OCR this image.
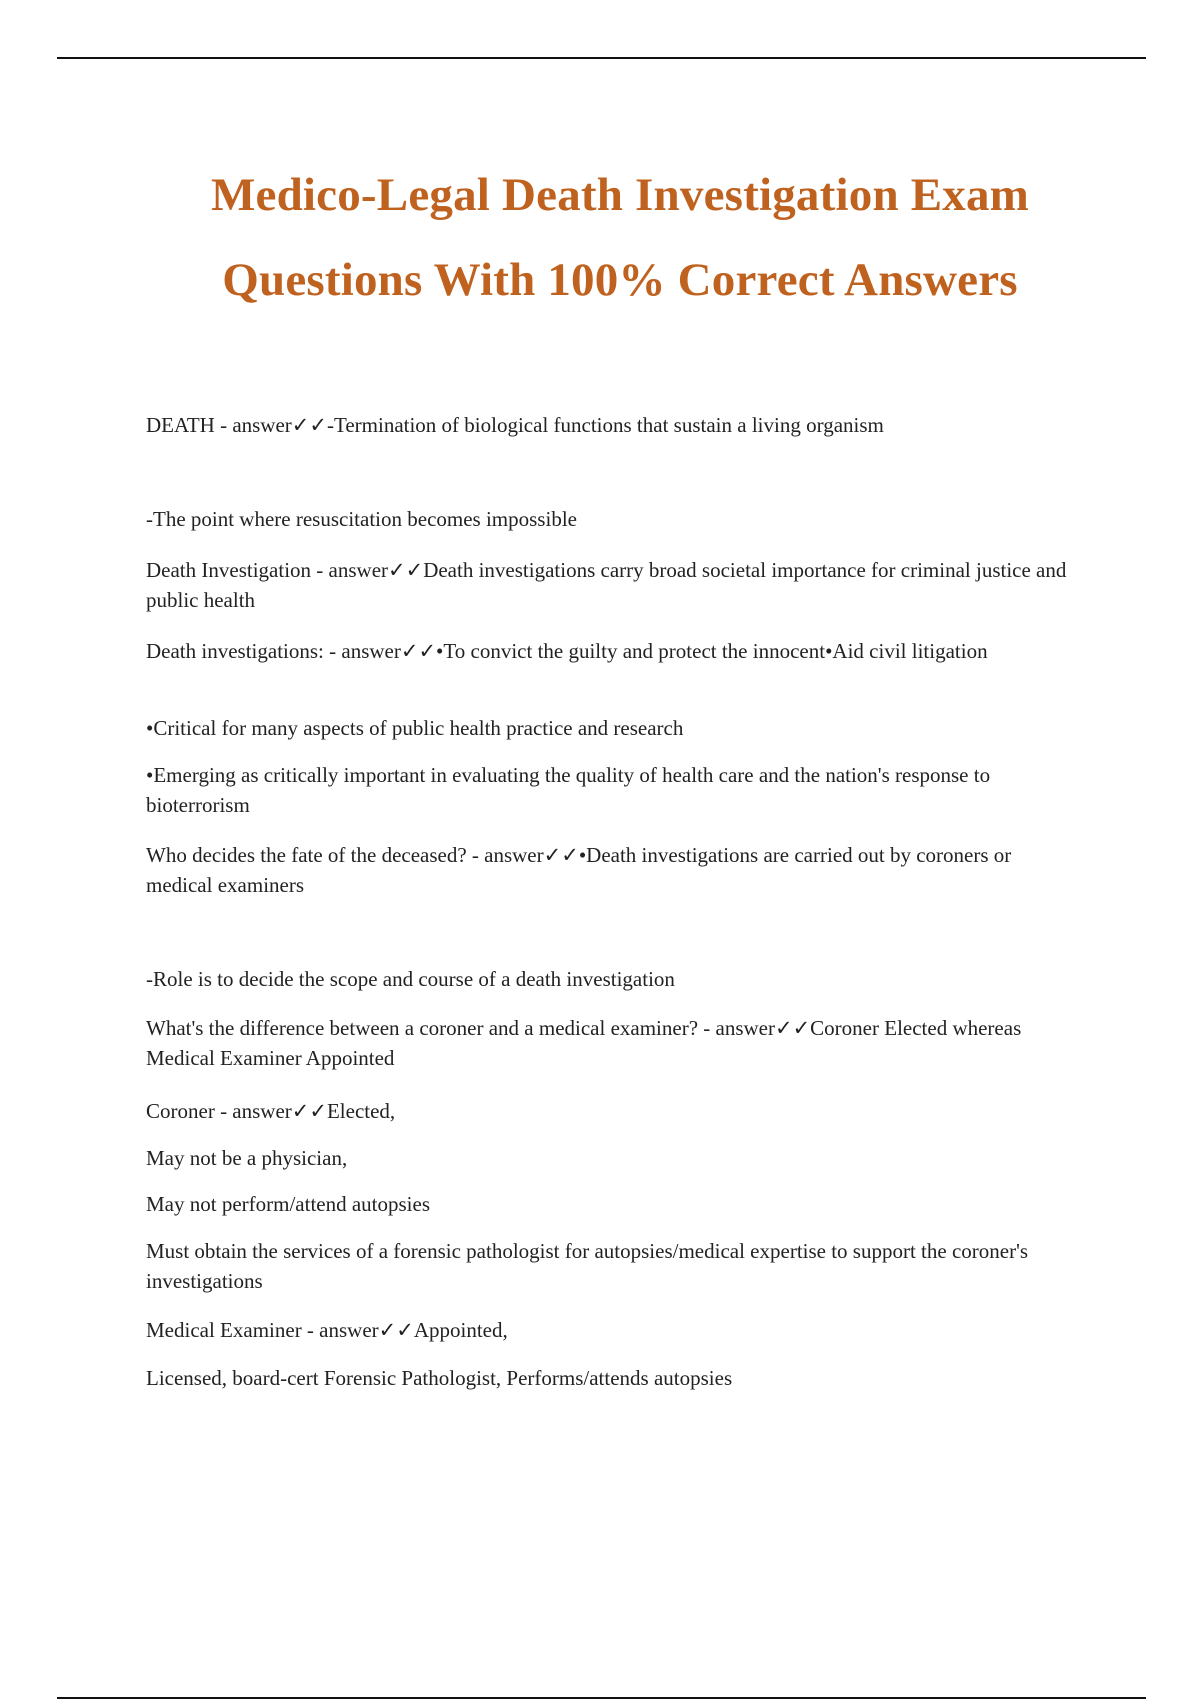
Medico-Legal Death Investigation Exam
Questions With 100% Correct Answers

DEATH - answer✓✓-Termination of biological functions that sustain a living organism

-The point where resuscitation becomes impossible

Death Investigation - answer✓✓Death investigations carry broad societal importance for criminal justice and public health

Death investigations: - answer✓✓•To convict the guilty and protect the innocent•Aid civil litigation

•Critical for many aspects of public health practice and research

•Emerging as critically important in evaluating the quality of health care and the nation's response to bioterrorism

Who decides the fate of the deceased? - answer✓✓•Death investigations are carried out by coroners or medical examiners

-Role is to decide the scope and course of a death investigation

What's the difference between a coroner and a medical examiner? - answer✓✓Coroner Elected whereas Medical Examiner Appointed

Coroner - answer✓✓Elected,

May not be a physician,

May not perform/attend autopsies

Must obtain the services of a forensic pathologist for autopsies/medical expertise to support the coroner's investigations

Medical Examiner - answer✓✓Appointed,

Licensed, board-cert Forensic Pathologist, Performs/attends autopsies
